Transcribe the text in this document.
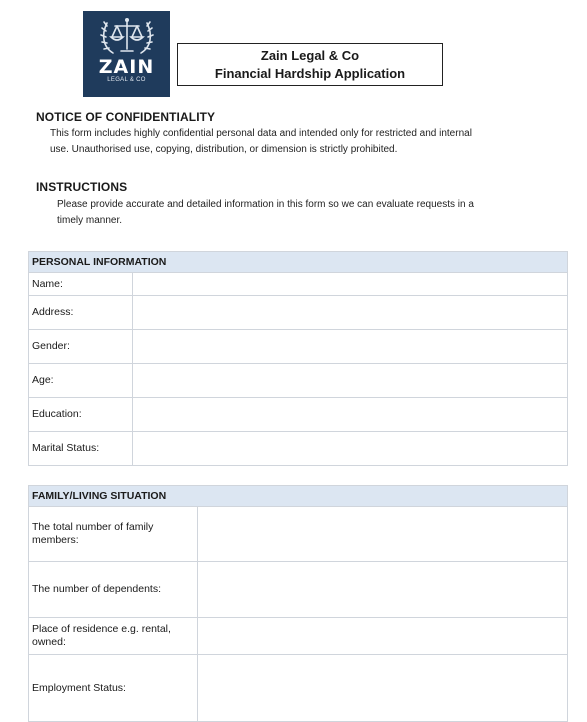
ZAIN
LEGAL & CO
Zain Legal & Co
Financial Hardship Application
NOTICE OF CONFIDENTIALITY
This form includes highly confidential personal data and intended only for restricted and internal
use. Unauthorised use, copying, distribution, or dimension is strictly prohibited.
INSTRUCTIONS
Please provide accurate and detailed information in this form so we can evaluate requests in a
timely manner.
PERSONAL INFORMATION	
Name:	
Address:	
Gender:	
Age:	
Education:	
Marital Status:	
FAMILY/LIVING SITUATION	

The total number of family
members:	

The number of dependents:	

Place of residence e.g. rental,
owned:	

Employment Status:	
